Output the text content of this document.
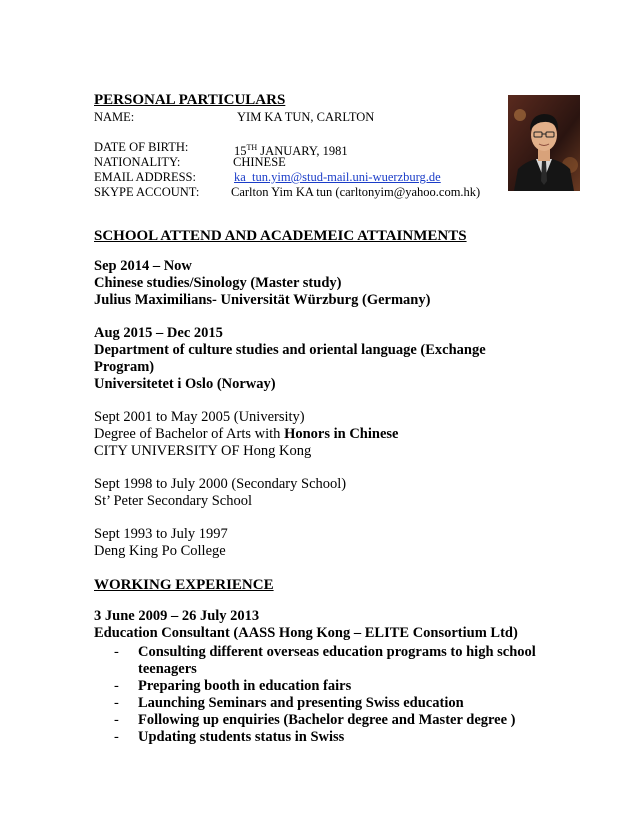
PERSONAL PARTICULARS
NAME:	YIM KA TUN, CARLTON
DATE OF BIRTH:	15TH JANUARY, 1981
NATIONALITY:	CHINESE
EMAIL ADDRESS:	ka_tun.yim@stud-mail.uni-wuerzburg.de
SKYPE ACCOUNT:	Carlton Yim KA tun (carltonyim@yahoo.com.hk)
SCHOOL ATTEND AND ACADEMEIC ATTAINMENTS
Sep 2014 – Now
Chinese studies/Sinology (Master study)
Julius Maximilians- Universität Würzburg (Germany)
Aug 2015 – Dec 2015
Department of culture studies and oriental language (Exchange
Program)
Universitetet i Oslo (Norway)
Sept 2001 to May 2005 (University)
Degree of Bachelor of Arts with Honors in Chinese
CITY UNIVERSITY OF Hong Kong
Sept 1998 to July 2000 (Secondary School)
St’ Peter Secondary School
Sept 1993 to July 1997
Deng King Po College
WORKING EXPERIENCE
3 June 2009 – 26 July 2013
Education Consultant (AASS Hong Kong – ELITE Consortium Ltd)
- Consulting different overseas education programs to high school
teenagers
- Preparing booth in education fairs
- Launching Seminars and presenting Swiss education
- Following up enquiries (Bachelor degree and Master degree )
- Updating students status in Swiss
